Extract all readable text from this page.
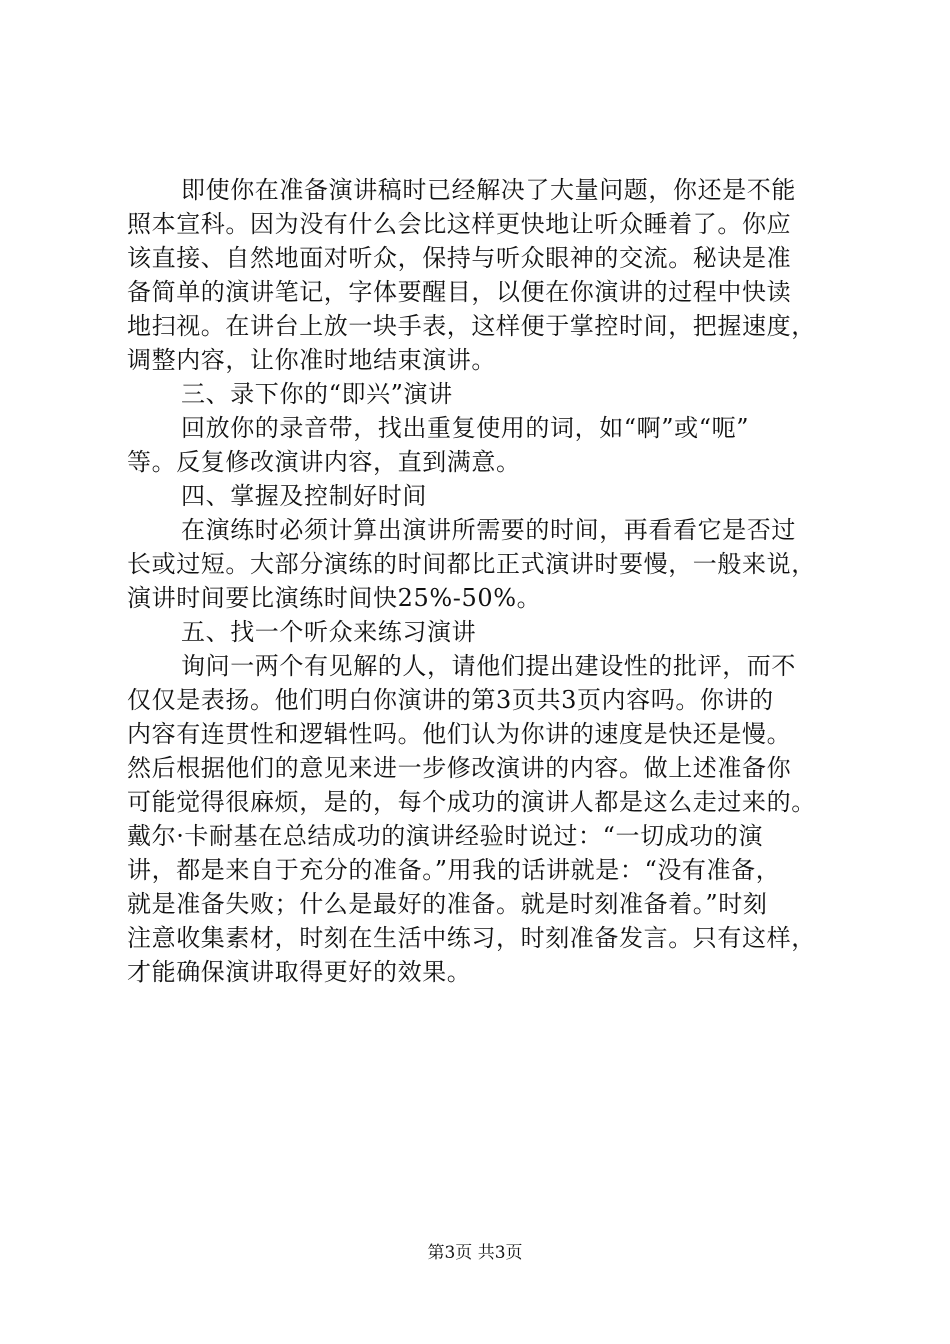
即使你在准备演讲稿时已经解决了大量问题，你还是不能
照本宣科。因为没有什么会比这样更快地让听众睡着了。你应
该直接、自然地面对听众，保持与听众眼神的交流。秘诀是准
备简单的演讲笔记，字体要醒目，以便在你演讲的过程中快读
地扫视。在讲台上放一块手表，这样便于掌控时间，把握速度，
调整内容，让你准时地结束演讲。
三、录下你的“即兴”演讲
回放你的录音带，找出重复使用的词，如“啊”或“呃”
等。反复修改演讲内容，直到满意。
四、掌握及控制好时间
在演练时必须计算出演讲所需要的时间，再看看它是否过
长或过短。大部分演练的时间都比正式演讲时要慢，一般来说，
演讲时间要比演练时间快25%-50%。
五、找一个听众来练习演讲
询问一两个有见解的人，请他们提出建设性的批评，而不
仅仅是表扬。他们明白你演讲的第3页共3页内容吗。你讲的
内容有连贯性和逻辑性吗。他们认为你讲的速度是快还是慢。
然后根据他们的意见来进一步修改演讲的内容。做上述准备你
可能觉得很麻烦，是的，每个成功的演讲人都是这么走过来的。
戴尔·卡耐基在总结成功的演讲经验时说过：“一切成功的演
讲，都是来自于充分的准备。”用我的话讲就是：“没有准备，
就是准备失败；什么是最好的准备。就是时刻准备着。”时刻
注意收集素材，时刻在生活中练习，时刻准备发言。只有这样，
才能确保演讲取得更好的效果。
第3页 共3页
